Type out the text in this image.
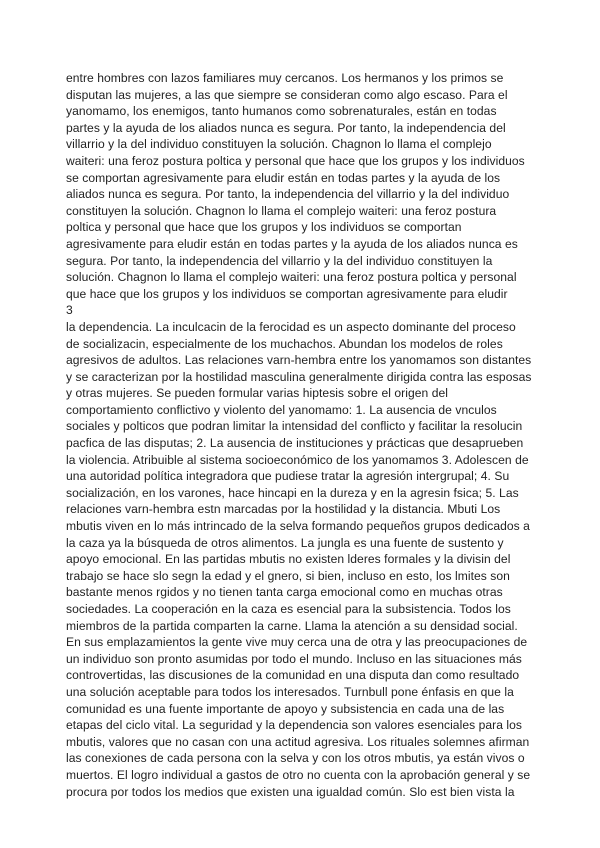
entre hombres con lazos familiares muy cercanos. Los hermanos y los primos se
disputan las mujeres, a las que siempre se consideran como algo escaso. Para el
yanomamo, los enemigos, tanto humanos como sobrenaturales, están en todas
partes y la ayuda de los aliados nunca es segura. Por tanto, la independencia del
villarrio y la del individuo constituyen la solución. Chagnon lo llama el complejo
waiteri: una feroz postura poltica y personal que hace que los grupos y los individuos
se comportan agresivamente para eludir están en todas partes y la ayuda de los
aliados nunca es segura. Por tanto, la independencia del villarrio y la del individuo
constituyen la solución. Chagnon lo llama el complejo waiteri: una feroz postura
poltica y personal que hace que los grupos y los individuos se comportan
agresivamente para eludir están en todas partes y la ayuda de los aliados nunca es
segura. Por tanto, la independencia del villarrio y la del individuo constituyen la
solución. Chagnon lo llama el complejo waiteri: una feroz postura poltica y personal
que hace que los grupos y los individuos se comportan agresivamente para eludir
3
la dependencia. La inculcacin de la ferocidad es un aspecto dominante del proceso
de socializacin, especialmente de los muchachos. Abundan los modelos de roles
agresivos de adultos. Las relaciones varn-hembra entre los yanomamos son distantes
y se caracterizan por la hostilidad masculina generalmente dirigida contra las esposas
y otras mujeres. Se pueden formular varias hiptesis sobre el origen del
comportamiento conflictivo y violento del yanomamo: 1. La ausencia de vnculos
sociales y polticos que podran limitar la intensidad del conflicto y facilitar la resolucin
pacfica de las disputas; 2. La ausencia de instituciones y prácticas que desaprueben
la violencia. Atribuible al sistema socioeconómico de los yanomamos 3. Adolescen de
una autoridad política integradora que pudiese tratar la agresión intergrupal; 4. Su
socialización, en los varones, hace hincapi en la dureza y en la agresin fsica; 5. Las
relaciones varn-hembra estn marcadas por la hostilidad y la distancia. Mbuti Los
mbutis viven en lo más intrincado de la selva formando pequeños grupos dedicados a
la caza ya la búsqueda de otros alimentos. La jungla es una fuente de sustento y
apoyo emocional. En las partidas mbutis no existen lderes formales y la divisin del
trabajo se hace slo segn la edad y el gnero, si bien, incluso en esto, los lmites son
bastante menos rgidos y no tienen tanta carga emocional como en muchas otras
sociedades. La cooperación en la caza es esencial para la subsistencia. Todos los
miembros de la partida comparten la carne. Llama la atención a su densidad social.
En sus emplazamientos la gente vive muy cerca una de otra y las preocupaciones de
un individuo son pronto asumidas por todo el mundo. Incluso en las situaciones más
controvertidas, las discusiones de la comunidad en una disputa dan como resultado
una solución aceptable para todos los interesados. Turnbull pone énfasis en que la
comunidad es una fuente importante de apoyo y subsistencia en cada una de las
etapas del ciclo vital. La seguridad y la dependencia son valores esenciales para los
mbutis, valores que no casan con una actitud agresiva. Los rituales solemnes afirman
las conexiones de cada persona con la selva y con los otros mbutis, ya están vivos o
muertos. El logro individual a gastos de otro no cuenta con la aprobación general y se
procura por todos los medios que existen una igualdad común. Slo est bien vista la
